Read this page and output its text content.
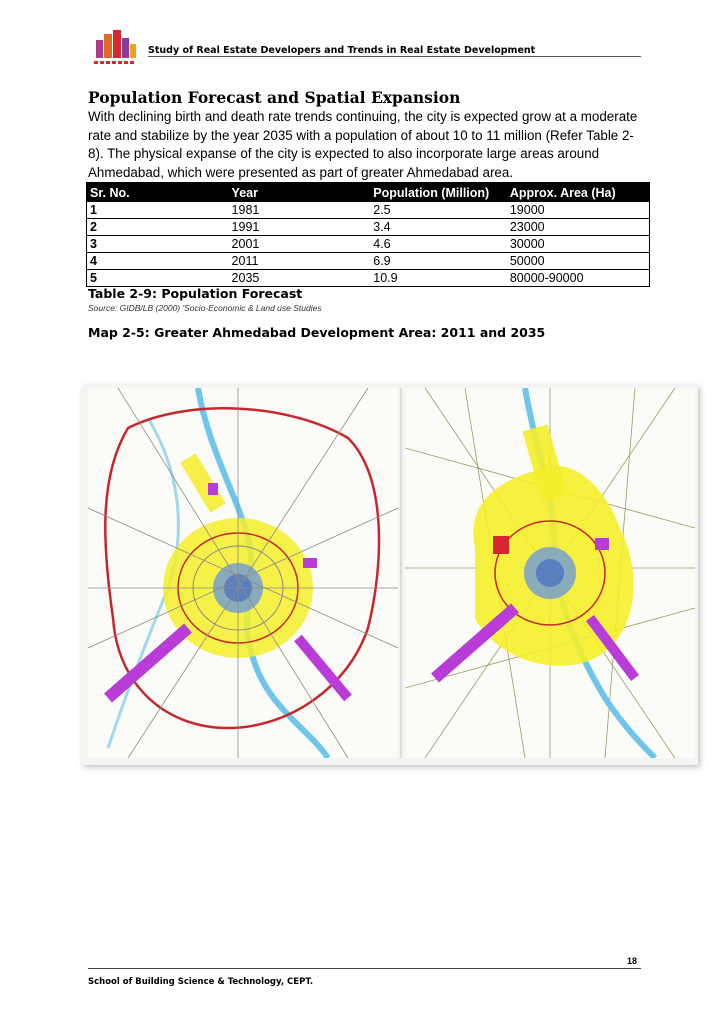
Study of Real Estate Developers and Trends in Real Estate Development
Population Forecast and Spatial Expansion
With declining birth and death rate trends continuing, the city is expected grow at a moderate rate and stabilize by the year 2035 with a population of about 10 to 11 million (Refer Table 2-8). The physical expanse of the city is expected to also incorporate large areas around Ahmedabad, which were presented as part of greater Ahmedabad area.
Sr. No.	Year	Population (Million)	Approx. Area (Ha)
1	1981	2.5	19000
2	1991	3.4	23000
3	2001	4.6	30000
4	2011	6.9	50000
5	2035	10.9	80000-90000
Table 2-9: Population Forecast
Source: GIDB/LB (2000) 'Socio-Economic & Land use Studies
Map 2-5: Greater Ahmedabad Development Area: 2011 and 2035
18
School of Building Science & Technology, CEPT.
